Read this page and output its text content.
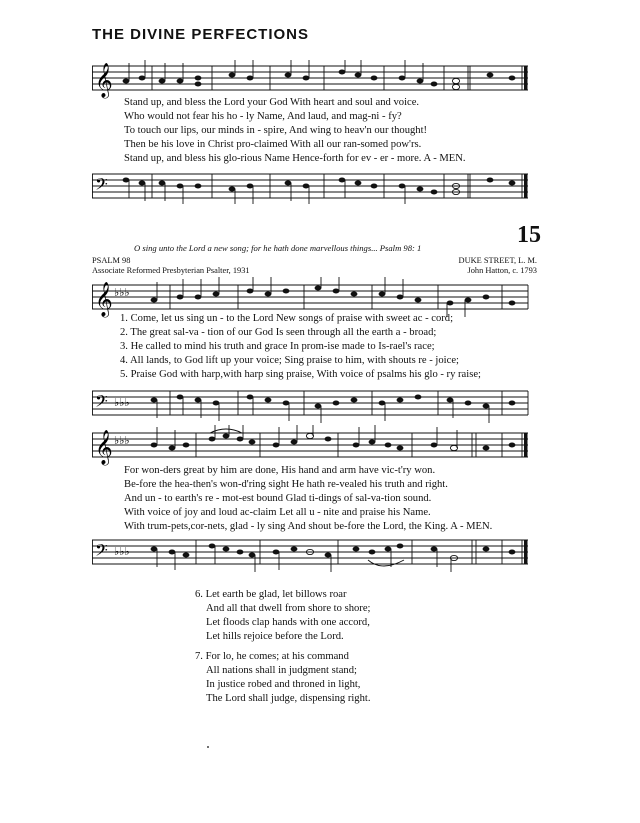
THE DIVINE PERFECTIONS
𝄞
Stand up, and bless the Lord your God With heart and soul and voice.
Who would not fear his ho - ly Name, And laud, and mag-ni - fy?
To touch our lips, our minds in - spire, And wing to heav'n our thought!
Then be his love in Christ pro-claimed With all our ran-somed pow'rs.
Stand up, and bless his glo-rious Name Hence-forth for ev - er - more. A - MEN.
𝄢
15
O sing unto the Lord a new song; for he hath done marvellous things... Psalm 98: 1
PSALM 98	DUKE STREET, L. M.
Associate Reformed Presbyterian Psalter, 1931	John Hatton, c. 1793
𝄞 ♭♭♭
1. Come, let us sing un - to the Lord New songs of praise with sweet ac - cord;
2. The great sal-va - tion of our God Is seen through all the earth a - broad;
3. He called to mind his truth and grace In prom-ise made to Is-rael's race;
4. All lands, to God lift up your voice; Sing praise to him, with shouts re - joice;
5. Praise God with harp,with harp sing praise, With voice of psalms his glo - ry raise;
𝄢 ♭♭♭
𝄞 ♭♭♭
For won-ders great by him are done, His hand and arm have vic-t'ry won.
Be-fore the hea-then's won-d'ring sight He hath re-vealed his truth and right.
And un - to earth's re - mot-est bound Glad ti-dings of sal-va-tion sound.
With voice of joy and loud ac-claim Let all u - nite and praise his Name.
With trum-pets,cor-nets, glad - ly sing And shout be-fore the Lord, the King. A - MEN.
𝄢 ♭♭♭
6. Let earth be glad, let billows roar
And all that dwell from shore to shore;
Let floods clap hands with one accord,
Let hills rejoice before the Lord.
7. For lo, he comes; at his command
All nations shall in judgment stand;
In justice robed and throned in light,
The Lord shall judge, dispensing right.
